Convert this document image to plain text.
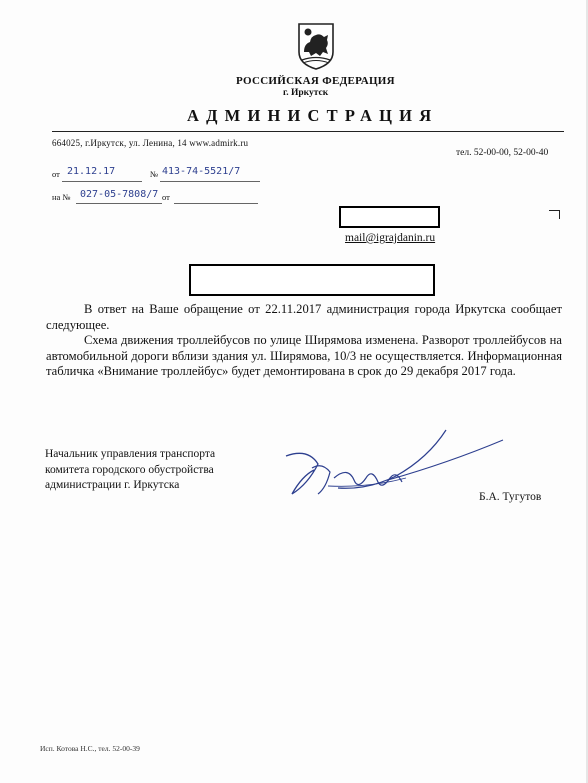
РОССИЙСКАЯ ФЕДЕРАЦИЯ
г. Иркутск
АДМИНИСТРАЦИЯ
664025, г.Иркутск, ул. Ленина, 14 www.admirk.ru
тел. 52-00-00, 52-00-40
от 21.12.17	№ 413-74-5521/7
на № 027-05-7808/7 от
mail@igrajdanin.ru

В ответ на Ваше обращение от 22.11.2017 администрация города Иркутска сообщает следующее.

Схема движения троллейбусов по улице Ширямова изменена. Разворот троллейбусов на автомобильной дороги вблизи здания ул. Ширямова, 10/3 не осуществляется. Информационная табличка «Внимание троллейбус» будет демонтирована в срок до 29 декабря 2017 года.

Начальник управления транспорта
комитета городского обустройства
администрации г. Иркутска
Б.А. Тугутов
Исп. Котова Н.С., тел. 52-00-39
